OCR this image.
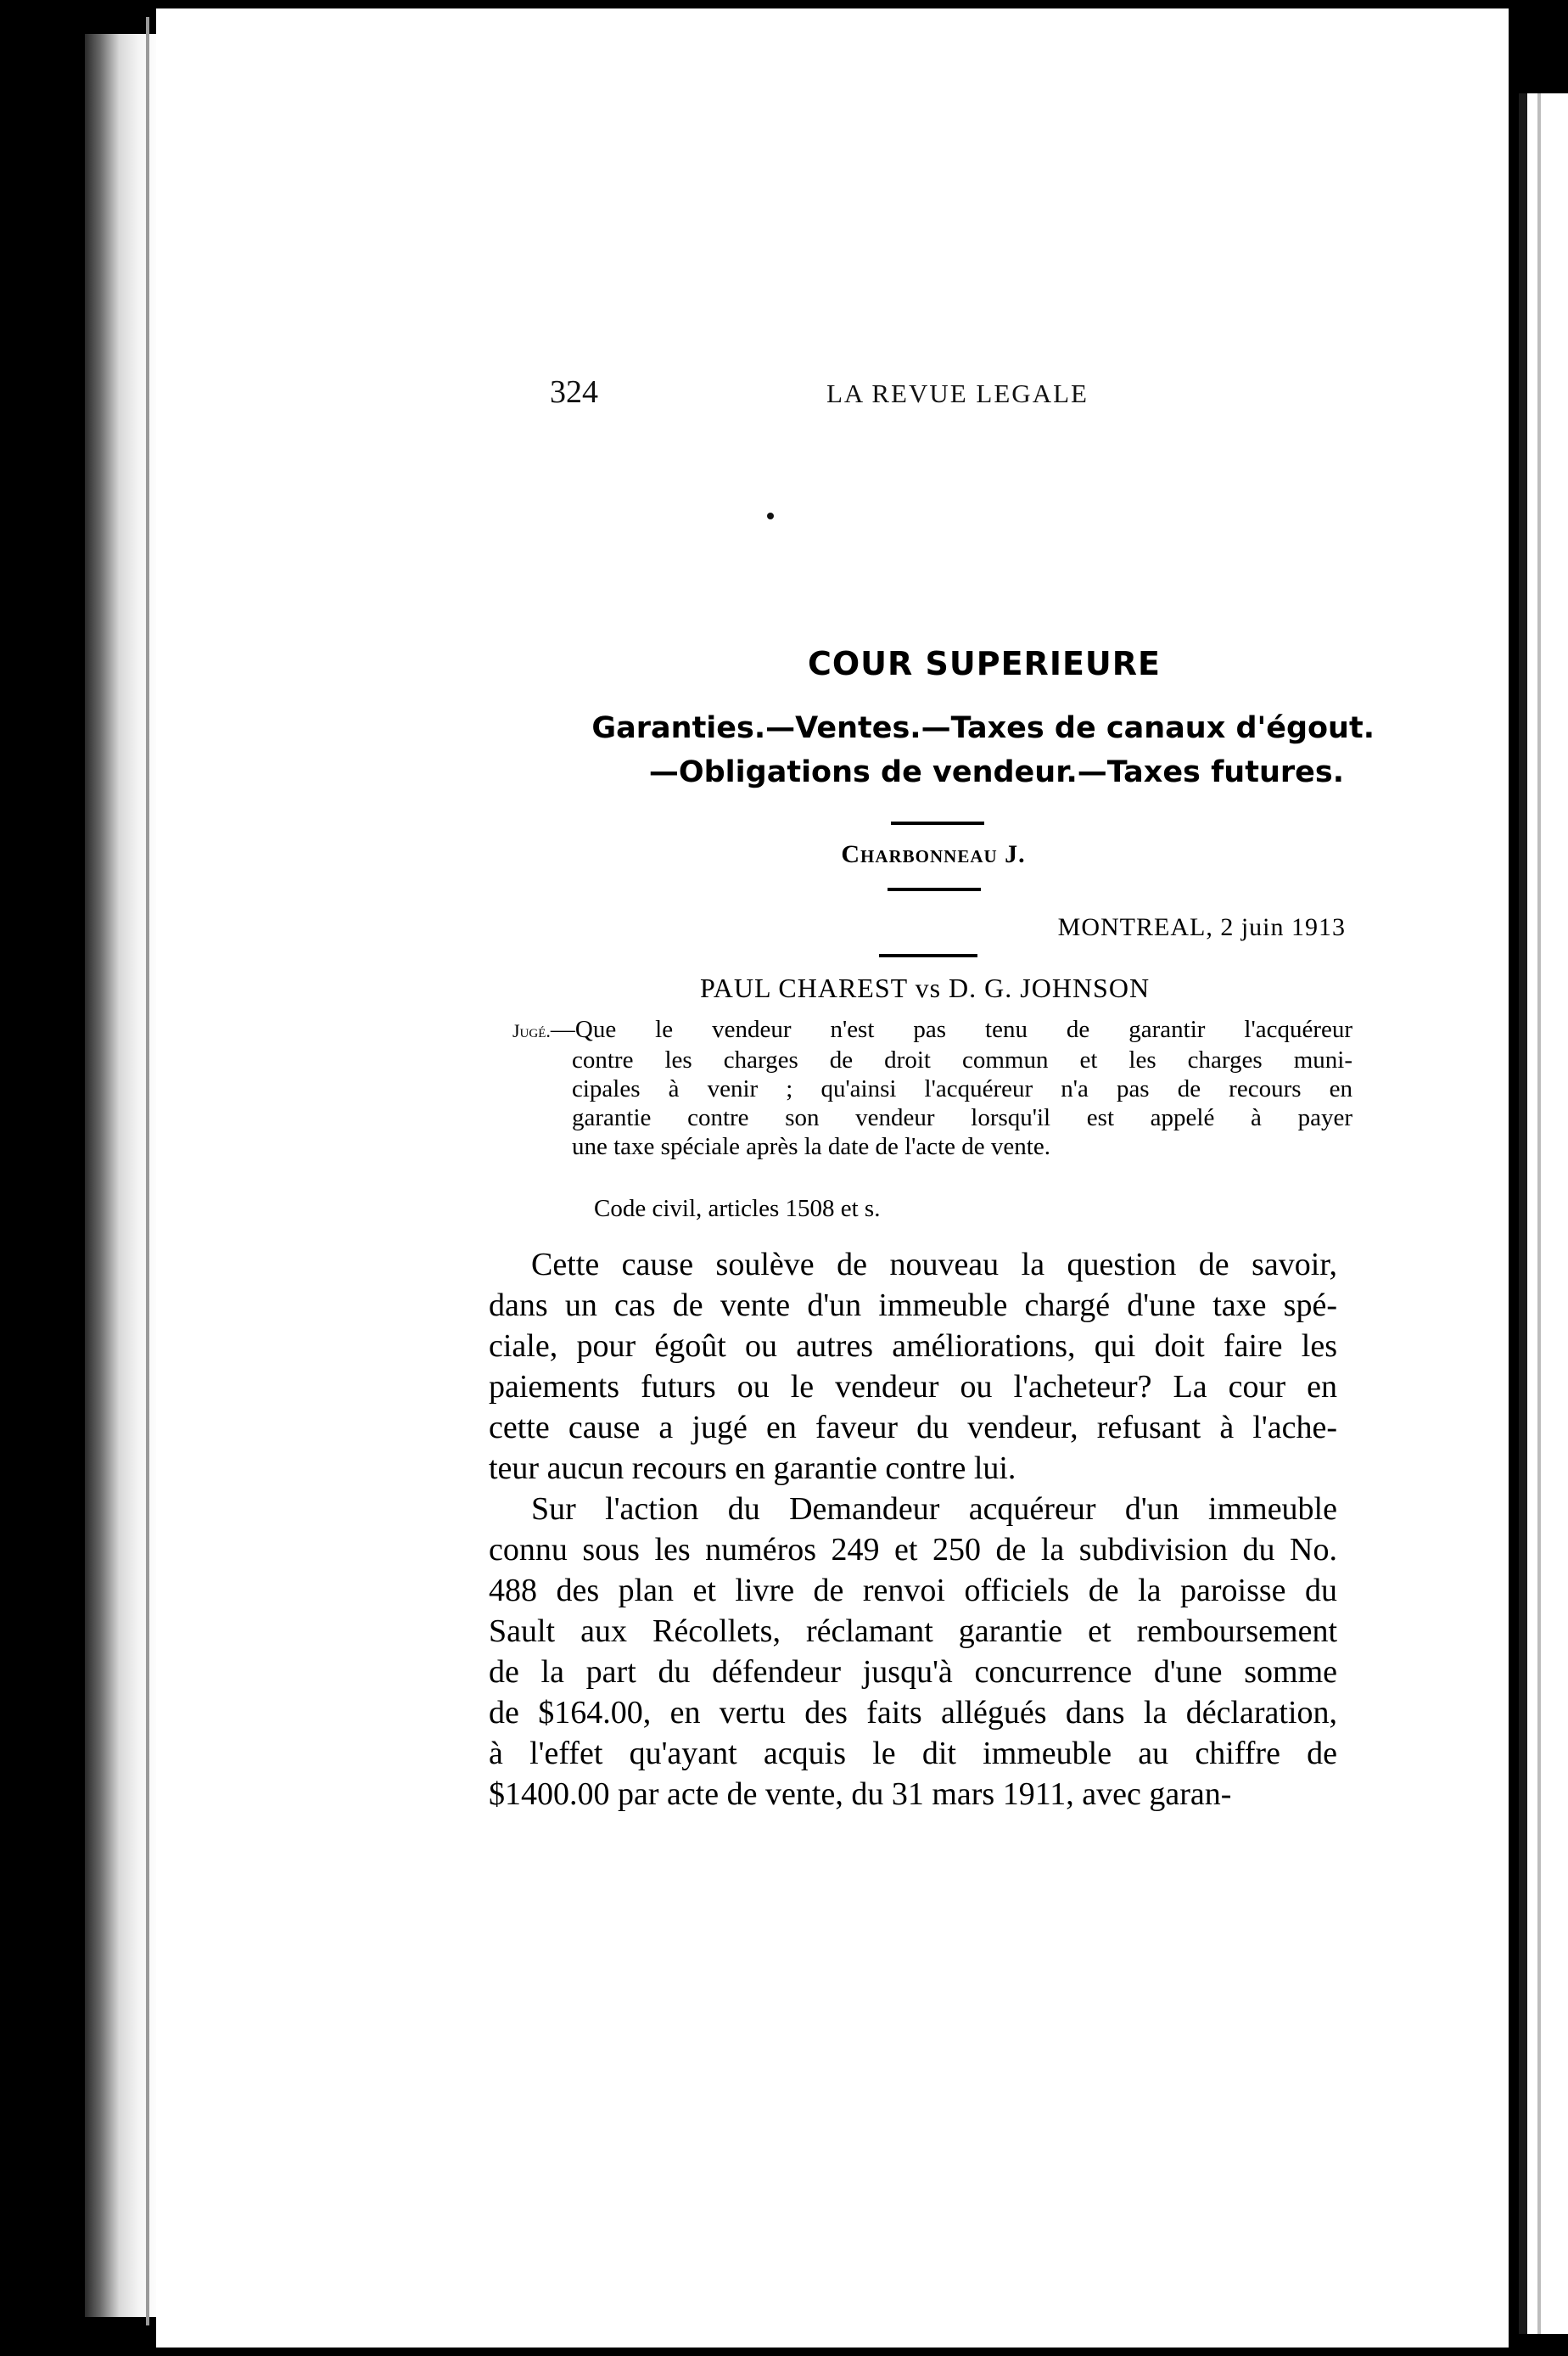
324	LA REVUE LEGALE
COUR SUPERIEURE
Garanties.—Ventes.—Taxes de canaux d'égout.
—Obligations de vendeur.—Taxes futures.
Charbonneau J.
MONTREAL, 2 juin 1913
PAUL CHAREST vs D. G. JOHNSON
Jugé.—Que le vendeur n'est pas tenu de garantir l'acquéreur
contre les charges de droit commun et les charges muni-
cipales à venir ; qu'ainsi l'acquéreur n'a pas de recours en
garantie contre son vendeur lorsqu'il est appelé à payer
une taxe spéciale après la date de l'acte de vente.
Code civil, articles 1508 et s.
Cette cause soulève de nouveau la question de savoir,
dans un cas de vente d'un immeuble chargé d'une taxe spé-
ciale, pour égoût ou autres améliorations, qui doit faire les
paiements futurs ou le vendeur ou l'acheteur? La cour en
cette cause a jugé en faveur du vendeur, refusant à l'ache-
teur aucun recours en garantie contre lui.
Sur l'action du Demandeur acquéreur d'un immeuble
connu sous les numéros 249 et 250 de la subdivision du No.
488 des plan et livre de renvoi officiels de la paroisse du
Sault aux Récollets, réclamant garantie et remboursement
de la part du défendeur jusqu'à concurrence d'une somme
de $164.00, en vertu des faits allégués dans la déclaration,
à l'effet qu'ayant acquis le dit immeuble au chiffre de
$1400.00 par acte de vente, du 31 mars 1911, avec garan-
